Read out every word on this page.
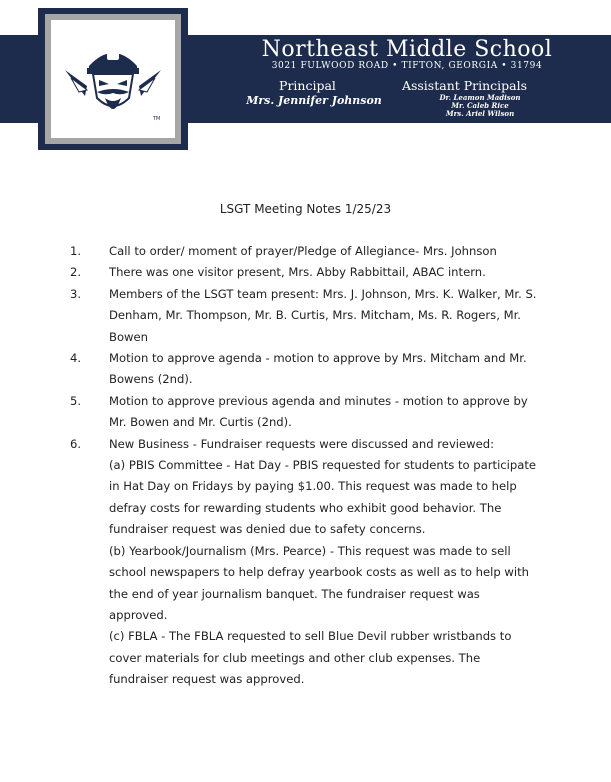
TM
Northeast Middle School
3021 FULWOOD ROAD • TIFTON, GEORGIA • 31794
Principal
Mrs. Jennifer Johnson
Assistant Principals
Dr. Leamon Madison
Mr. Caleb Rice
Mrs. Ariel Wilson
LSGT Meeting Notes 1/25/23
1. Call to order/ moment of prayer/Pledge of Allegiance- Mrs. Johnson
2. There was one visitor present, Mrs. Abby Rabbittail, ABAC intern.
3. Members of the LSGT team present: Mrs. J. Johnson, Mrs. K. Walker, Mr. S. Denham, Mr. Thompson, Mr. B. Curtis, Mrs. Mitcham, Ms. R. Rogers, Mr. Bowen
4. Motion to approve agenda - motion to approve by Mrs. Mitcham and Mr. Bowens (2nd).
5. Motion to approve previous agenda and minutes - motion to approve by Mr. Bowen and Mr. Curtis (2nd).
6. New Business - Fundraiser requests were discussed and reviewed:
(a) PBIS Committee - Hat Day - PBIS requested for students to participate in Hat Day on Fridays by paying $1.00. This request was made to help defray costs for rewarding students who exhibit good behavior. The fundraiser request was denied due to safety concerns.
(b) Yearbook/Journalism (Mrs. Pearce) - This request was made to sell school newspapers to help defray yearbook costs as well as to help with the end of year journalism banquet. The fundraiser request was approved.
(c) FBLA - The FBLA requested to sell Blue Devil rubber wristbands to cover materials for club meetings and other club expenses. The fundraiser request was approved.
